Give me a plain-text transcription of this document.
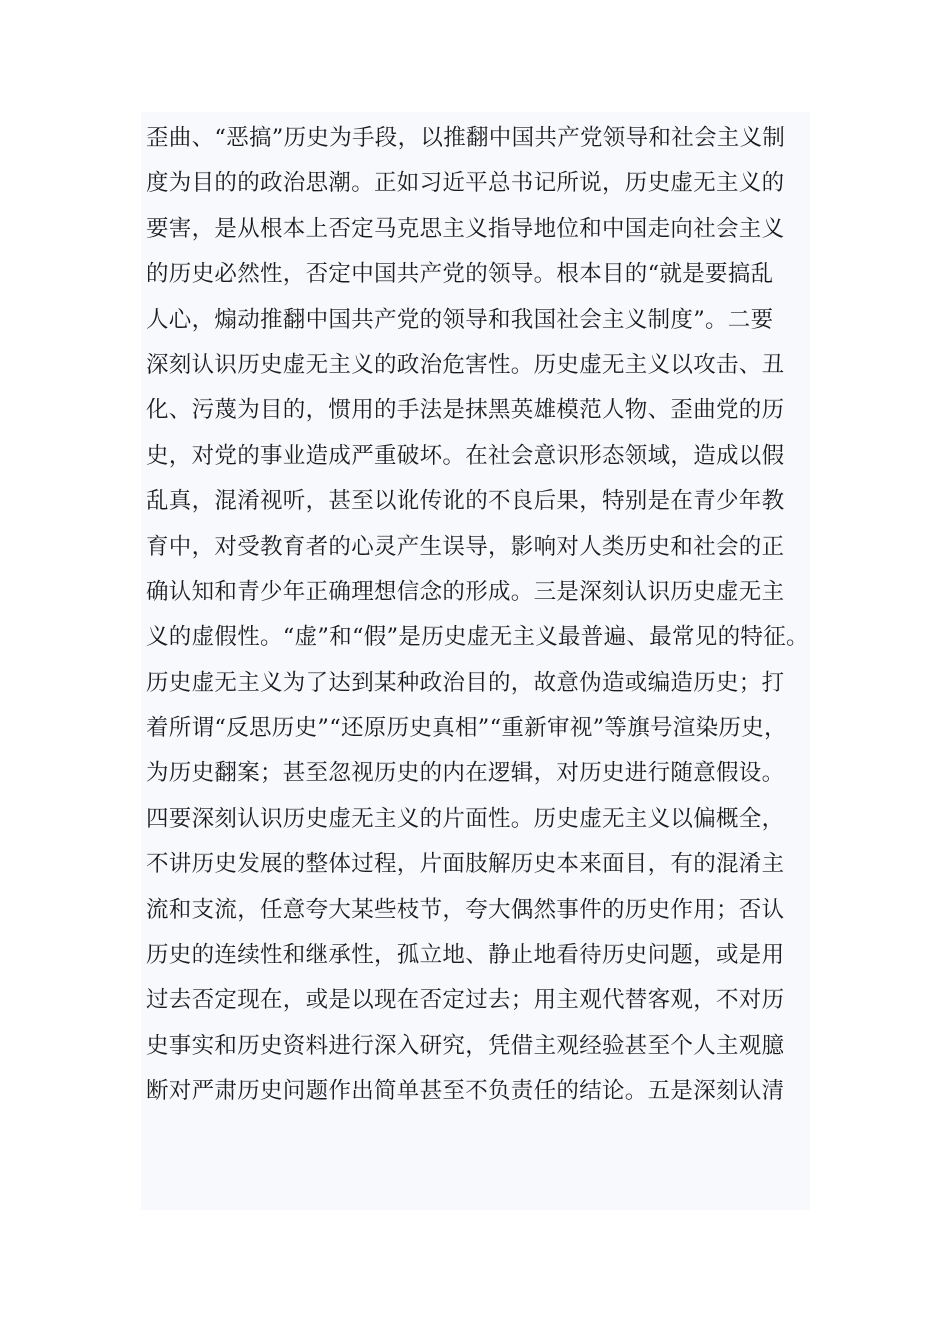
歪曲、“恶搞”历史为手段，以推翻中国共产党领导和社会主义制
度为目的的政治思潮。正如习近平总书记所说，历史虚无主义的
要害，是从根本上否定马克思主义指导地位和中国走向社会主义
的历史必然性，否定中国共产党的领导。根本目的“就是要搞乱
人心，煽动推翻中国共产党的领导和我国社会主义制度”。二要
深刻认识历史虚无主义的政治危害性。历史虚无主义以攻击、丑
化、污蔑为目的，惯用的手法是抹黑英雄模范人物、歪曲党的历
史，对党的事业造成严重破坏。在社会意识形态领域，造成以假
乱真，混淆视听，甚至以讹传讹的不良后果，特别是在青少年教
育中，对受教育者的心灵产生误导，影响对人类历史和社会的正
确认知和青少年正确理想信念的形成。三是深刻认识历史虚无主
义的虚假性。“虚”和“假”是历史虚无主义最普遍、最常见的特征。
历史虚无主义为了达到某种政治目的，故意伪造或编造历史；打
着所谓“反思历史”“还原历史真相”“重新审视”等旗号渲染历史，
为历史翻案；甚至忽视历史的内在逻辑，对历史进行随意假设。
四要深刻认识历史虚无主义的片面性。历史虚无主义以偏概全，
不讲历史发展的整体过程，片面肢解历史本来面目，有的混淆主
流和支流，任意夸大某些枝节，夸大偶然事件的历史作用；否认
历史的连续性和继承性，孤立地、静止地看待历史问题，或是用
过去否定现在，或是以现在否定过去；用主观代替客观，不对历
史事实和历史资料进行深入研究，凭借主观经验甚至个人主观臆
断对严肃历史问题作出简单甚至不负责任的结论。五是深刻认清
